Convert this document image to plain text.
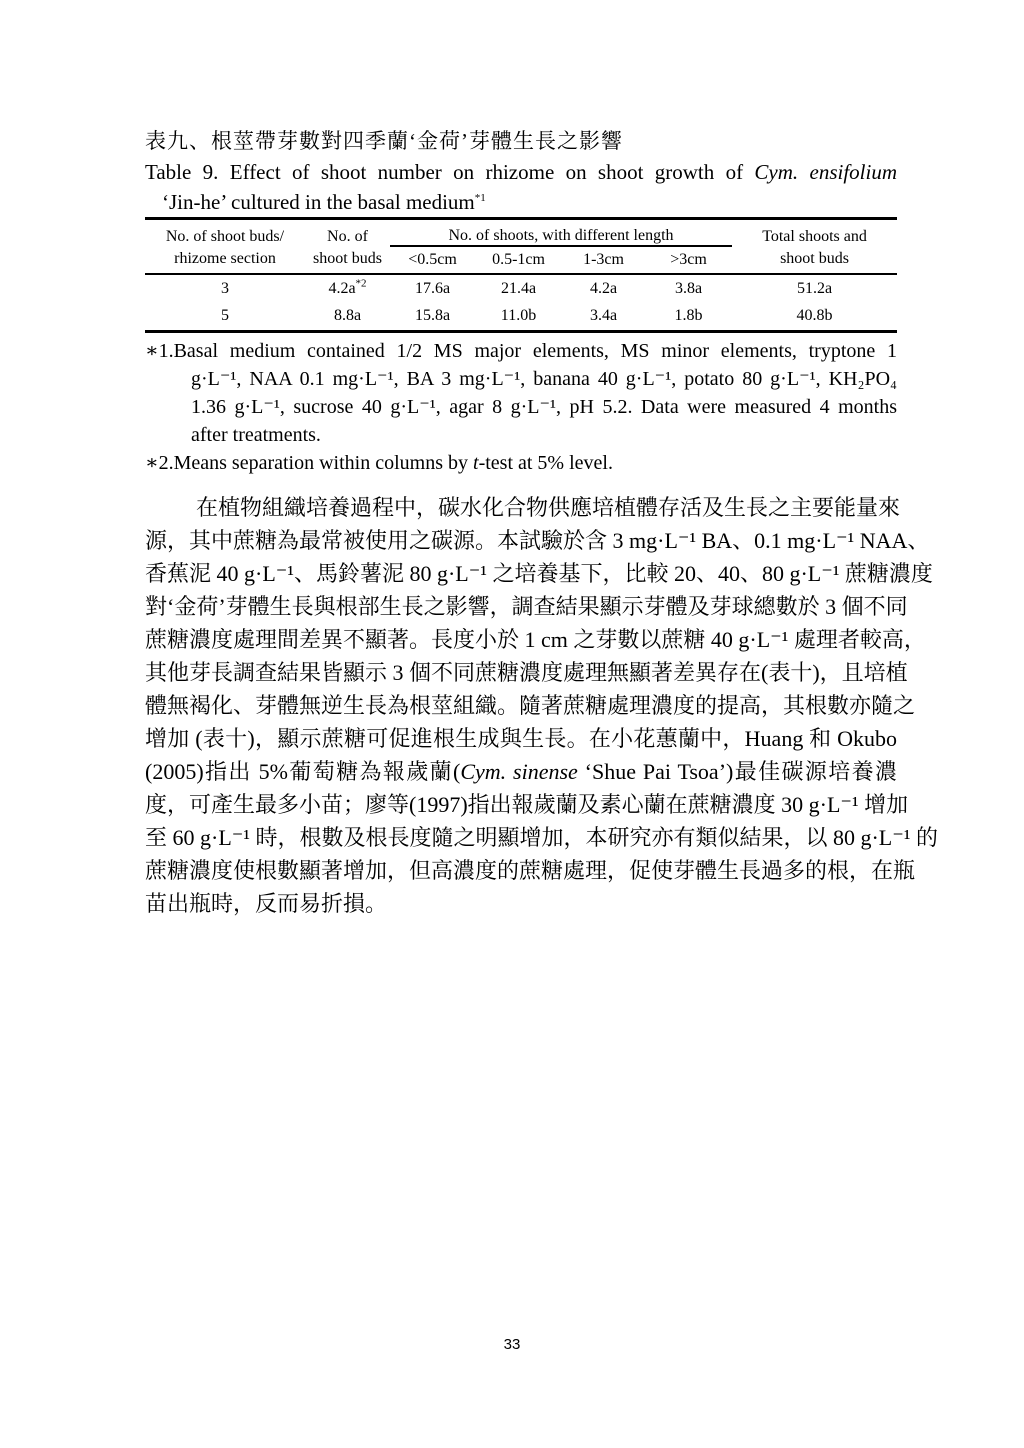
表九、根莖帶芽數對四季蘭‘金荷’芽體生長之影響
Table 9. Effect of shoot number on rhizome on shoot growth of Cym. ensifolium
‘Jin-he’ cultured in the basal medium$^{*1}$
No. of shoot buds/	No. of	No. of shoots, with different length				Total shoots and
rhizome section	shoot buds	<0.5cm	0.5-1cm	1-3cm	>3cm	shoot buds
3	$4.2a^{*2}$	17.6a	21.4a	4.2a	3.8a	51.2a
5	8.8a	15.8a	11.0b	3.4a	1.8b	40.8b
∗1.Basal medium contained 1/2 MS major elements, MS minor elements, tryptone 1
g·L⁻¹, NAA 0.1 mg·L⁻¹, BA 3 mg·L⁻¹, banana 40 g·L⁻¹, potato 80 g·L⁻¹, KH₂PO₄
1.36 g·L⁻¹, sucrose 40 g·L⁻¹, agar 8 g·L⁻¹, pH 5.2. Data were measured 4 months
after treatments.
∗2.Means separation within columns by t-test at 5% level.
在植物組織培養過程中，碳水化合物供應培植體存活及生長之主要能量來
源，其中蔗糖為最常被使用之碳源。本試驗於含 3 mg·L⁻¹ BA、0.1 mg·L⁻¹ NAA、
香蕉泥 40 g·L⁻¹、馬鈴薯泥 80 g·L⁻¹ 之培養基下，比較 20、40、80 g·L⁻¹ 蔗糖濃度
對‘金荷’芽體生長與根部生長之影響，調查結果顯示芽體及芽球總數於 3 個不同
蔗糖濃度處理間差異不顯著。長度小於 1 cm 之芽數以蔗糖 40 g·L⁻¹ 處理者較高，
其他芽長調查結果皆顯示 3 個不同蔗糖濃度處理無顯著差異存在(表十)，且培植
體無褐化、芽體無逆生長為根莖組織。隨著蔗糖處理濃度的提高，其根數亦隨之
增加 (表十)，顯示蔗糖可促進根生成與生長。在小花蕙蘭中，Huang 和 Okubo
(2005)指出 5%葡萄糖為報歲蘭(Cym. sinense ‘Shue Pai Tsoa’)最佳碳源培養濃
度，可產生最多小苗；廖等(1997)指出報歲蘭及素心蘭在蔗糖濃度 30 g·L⁻¹ 增加
至 60 g·L⁻¹ 時，根數及根長度隨之明顯增加，本研究亦有類似結果，以 80 g·L⁻¹ 的
蔗糖濃度使根數顯著增加，但高濃度的蔗糖處理，促使芽體生長過多的根，在瓶
苗出瓶時，反而易折損。
33
